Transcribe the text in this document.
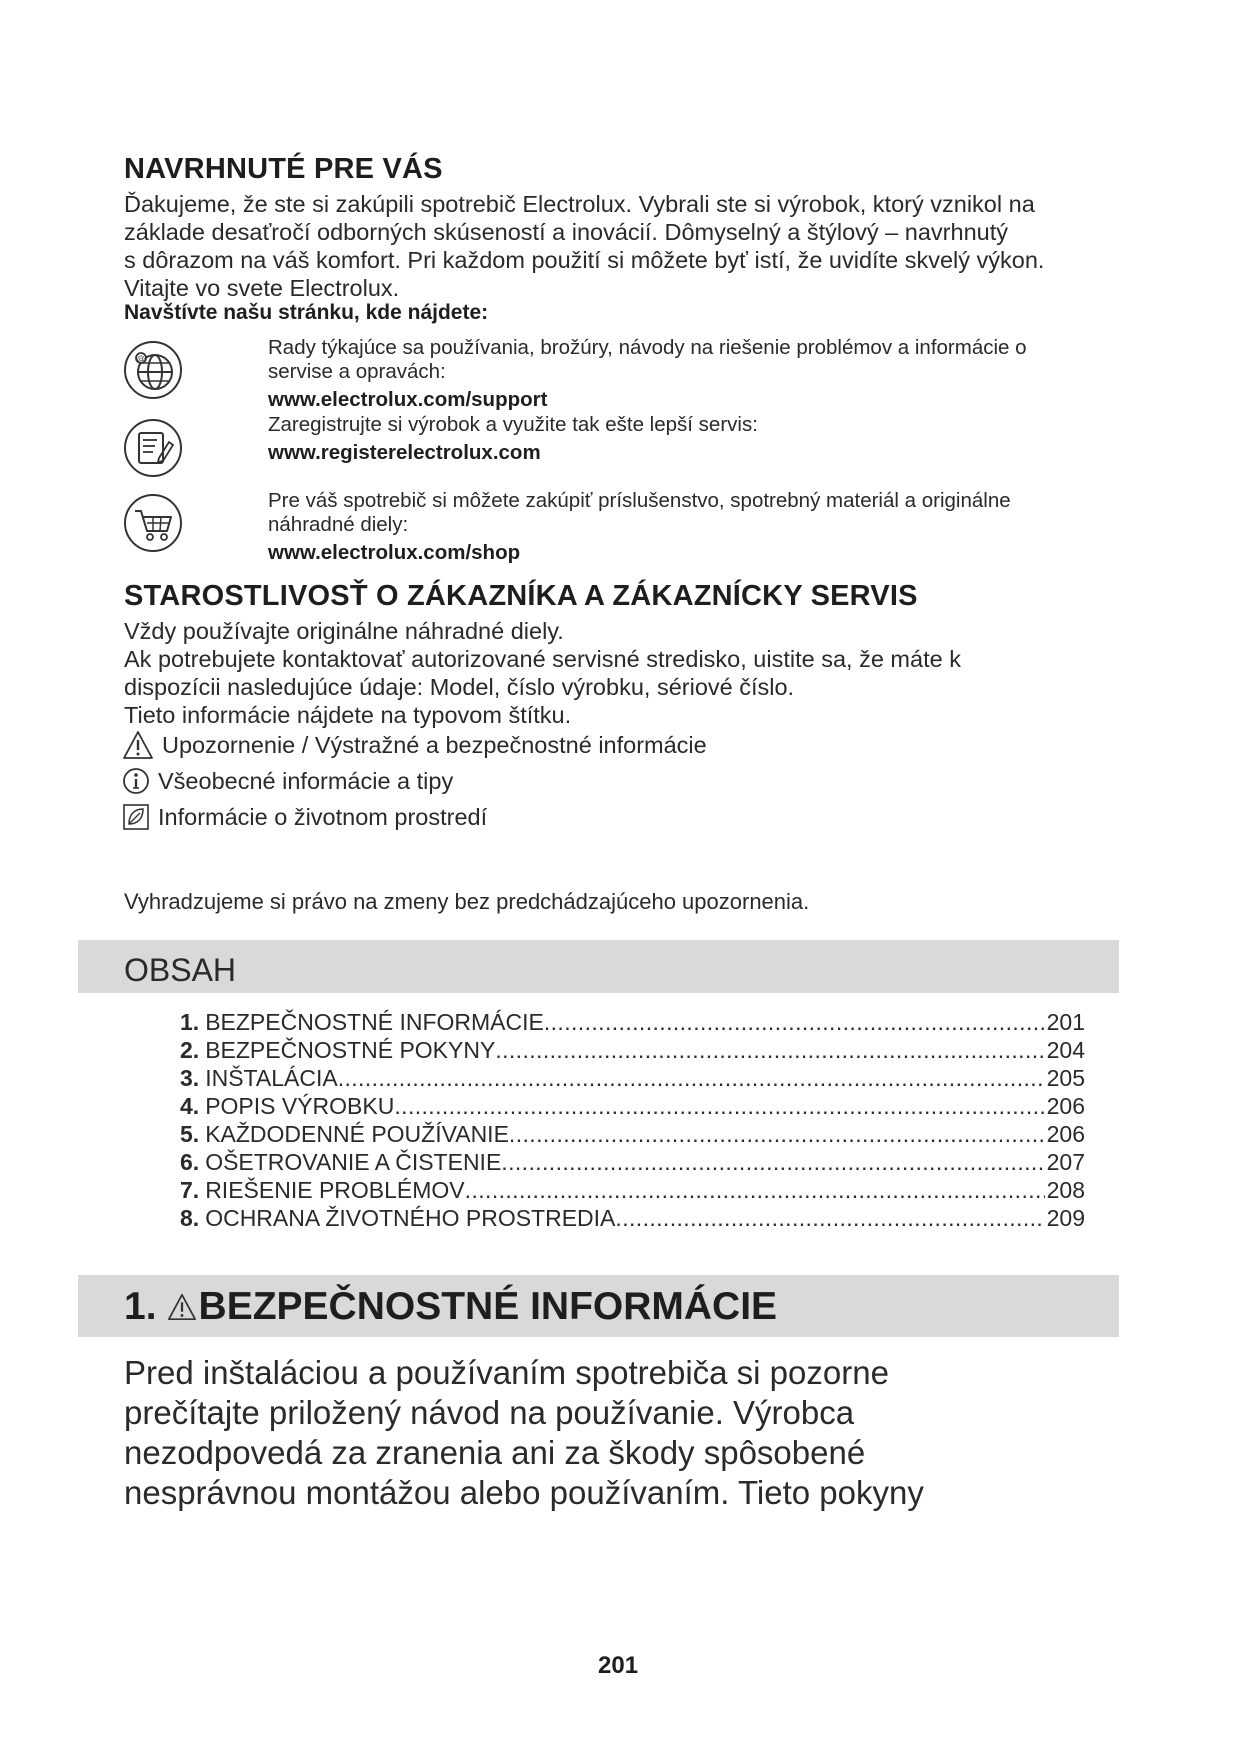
NAVRHNUTÉ PRE VÁS
Ďakujeme, že ste si zakúpili spotrebič Electrolux. Vybrali ste si výrobok, ktorý vznikol na
základe desaťročí odborných skúseností a inovácií. Dômyselný a štýlový – navrhnutý
s dôrazom na váš komfort. Pri každom použití si môžete byť istí, že uvidíte skvelý výkon.
Vitajte vo svete Electrolux.
Navštívte našu stránku, kde nájdete:
@	Rady týkajúce sa používania, brožúry, návody na riešenie problémov a informácie o
servise a opravách:
www.electrolux.com/support
Zaregistrujte si výrobok a využite tak ešte lepší servis:
www.registerelectrolux.com
Pre váš spotrebič si môžete zakúpiť príslušenstvo, spotrebný materiál a originálne
náhradné diely:
www.electrolux.com/shop
STAROSTLIVOSŤ O ZÁKAZNÍKA A ZÁKAZNÍCKY SERVIS
Vždy používajte originálne náhradné diely.
Ak potrebujete kontaktovať autorizované servisné stredisko, uistite sa, že máte k
dispozícii nasledujúce údaje: Model, číslo výrobku, sériové číslo.
Tieto informácie nájdete na typovom štítku.
Upozornenie / Výstražné a bezpečnostné informácie
Všeobecné informácie a tipy
Informácie o životnom prostredí
Vyhradzujeme si právo na zmeny bez predchádzajúceho upozornenia.
OBSAH
1. BEZPEČNOSTNÉ INFORMÁCIE .....	201
2. BEZPEČNOSTNÉ POKYNY .....	204
3. INŠTALÁCIA .....	205
4. POPIS VÝROBKU .....	206
5. KAŽDODENNÉ POUŽÍVANIE .....	206
6. OŠETROVANIE A ČISTENIE .....	207
7. RIEŠENIE PROBLÉMOV .....	208
8. OCHRANA ŽIVOTNÉHO PROSTREDIA .....	209
1. BEZPEČNOSTNÉ INFORMÁCIE
Pred inštaláciou a používaním spotrebiča si pozorne
prečítajte priložený návod na používanie. Výrobca
nezodpovedá za zranenia ani za škody spôsobené
nesprávnou montážou alebo používaním. Tieto pokyny
201
